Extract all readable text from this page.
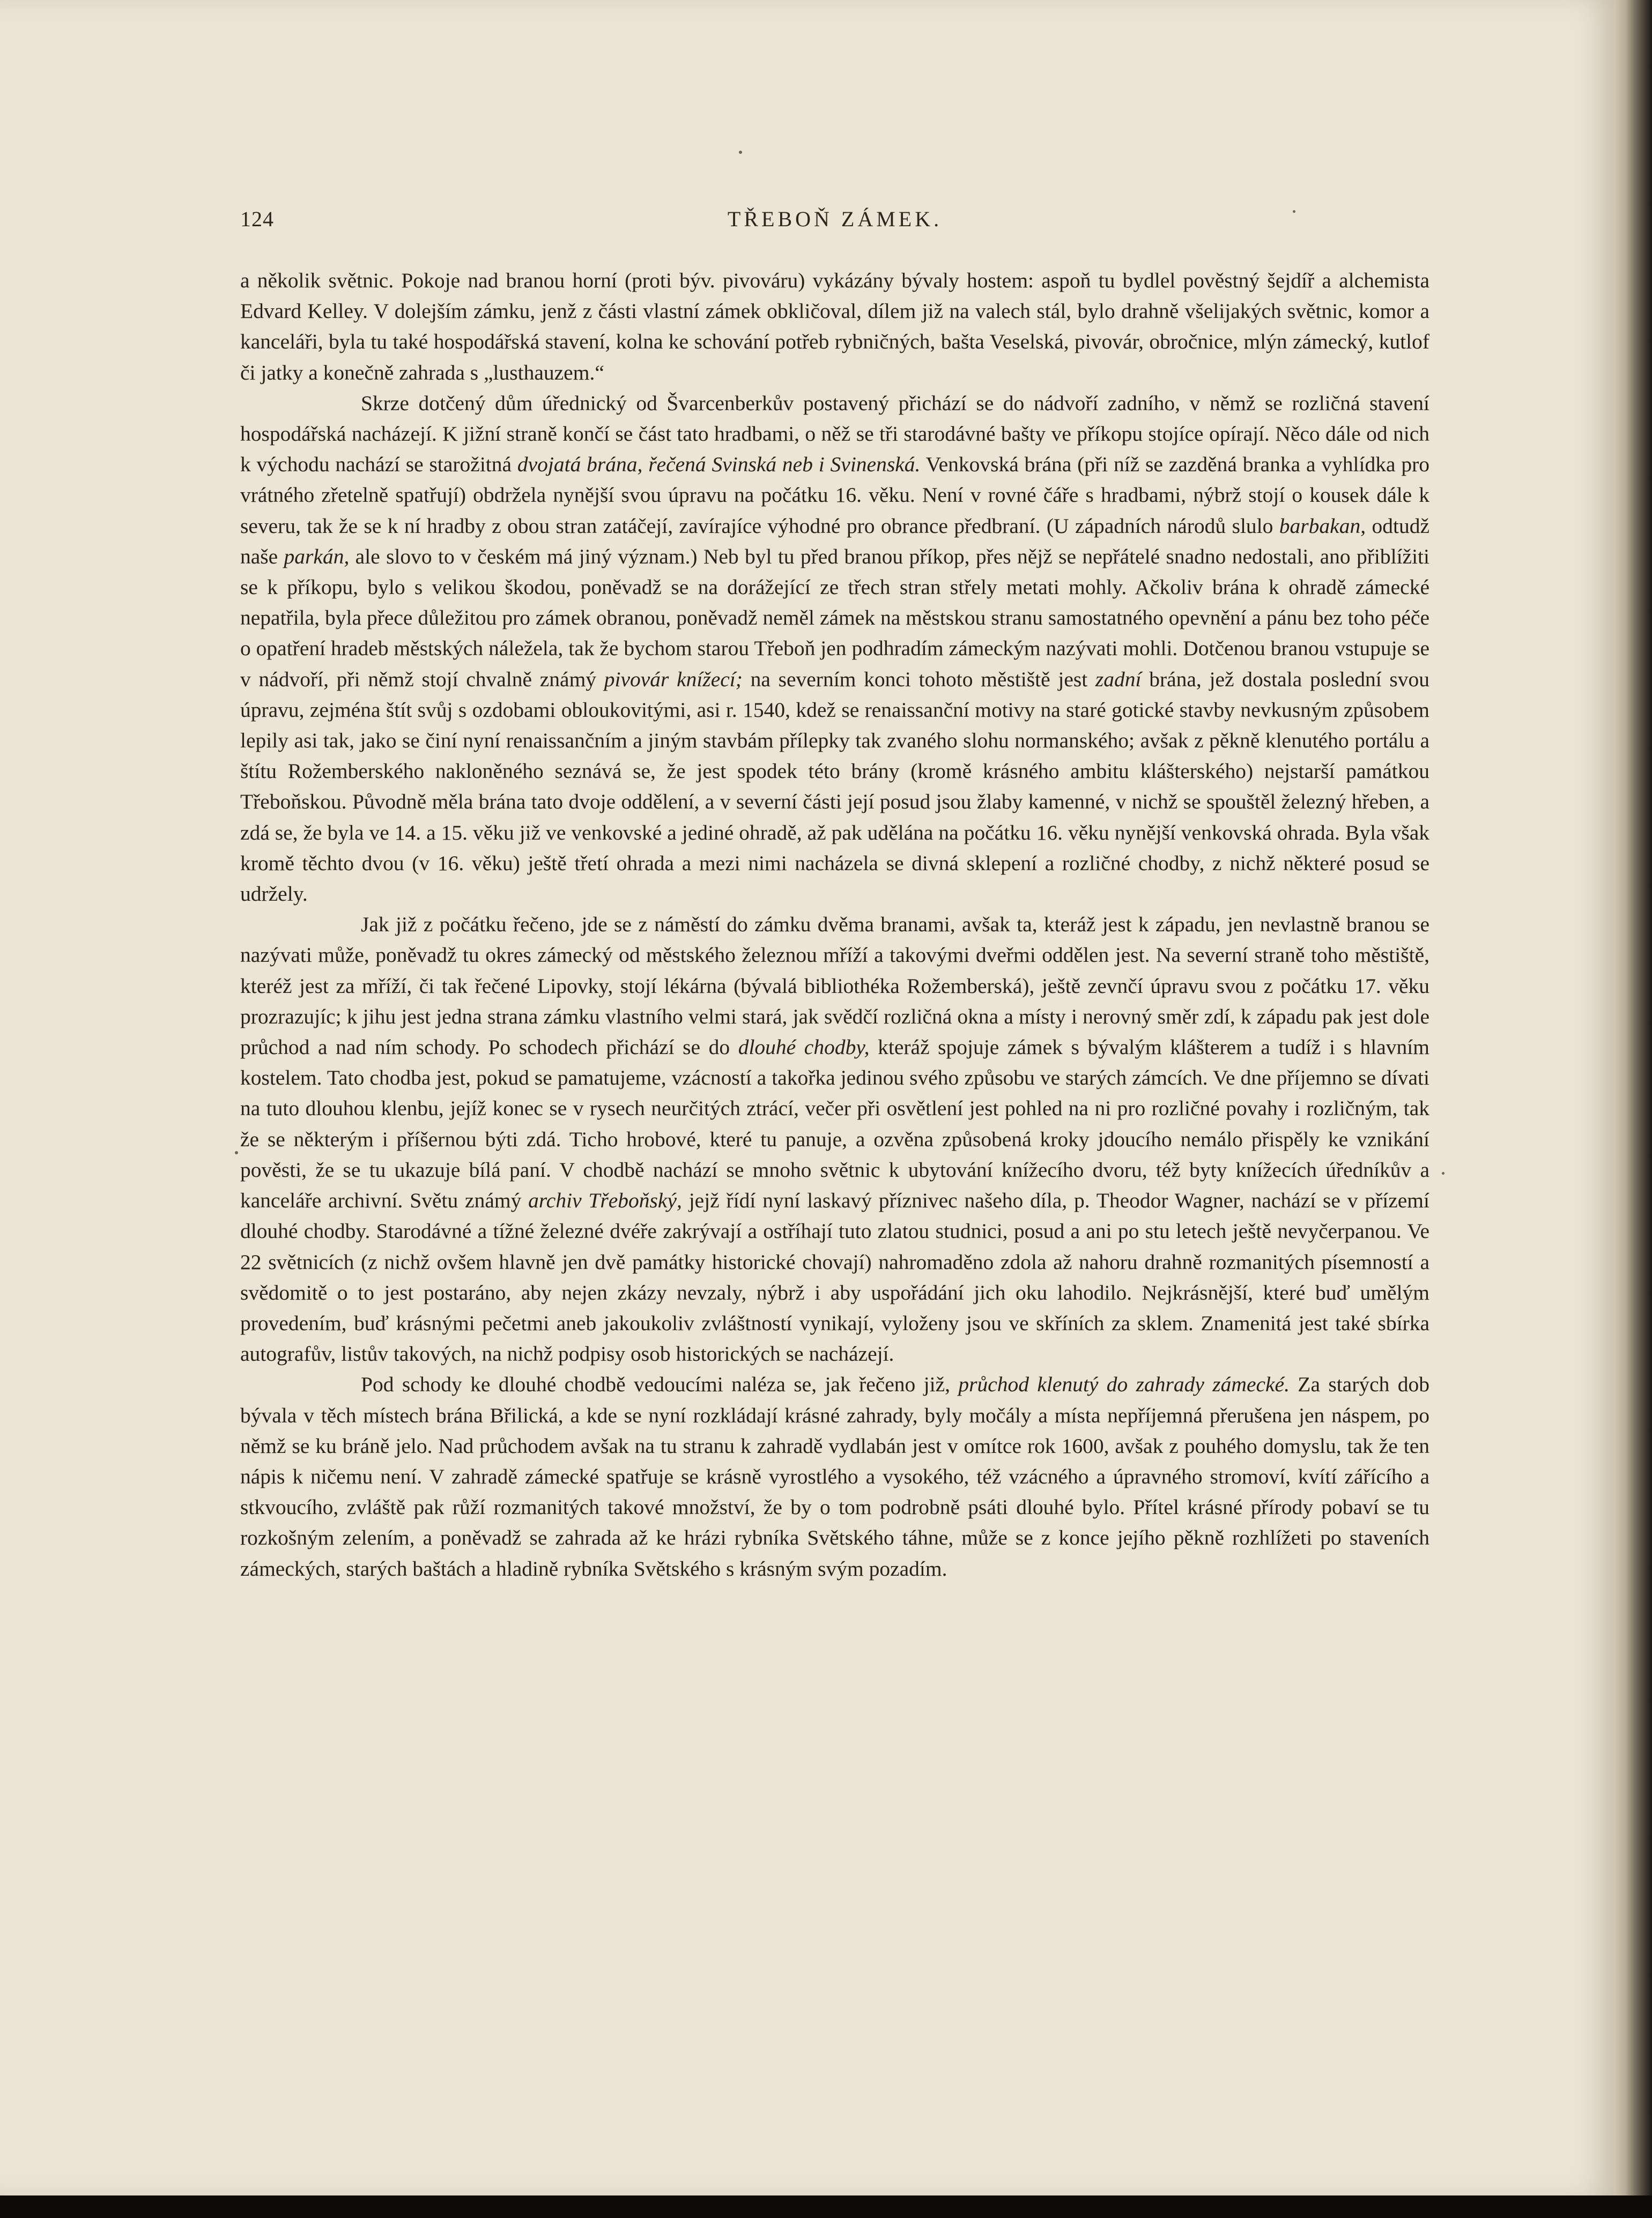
124	TŘEBOŇ ZÁMEK.

a několik světnic. Pokoje nad branou horní (proti býv. pivováru) vykázány bývaly hostem: aspoň tu bydlel pověstný šejdíř a alchemista Edvard Kelley. V dolejším zámku, jenž z části vlastní zámek obkličoval, dílem již na valech stál, bylo drahně všelijakých světnic, komor a kanceláři, byla tu také hospodářská stavení, kolna ke schování potřeb rybničných, bašta Veselská, pivovár, obročnice, mlýn zámecký, kutlof či jatky a konečně zahrada s „lusthauzem.“

Skrze dotčený dům úřednický od Švarcenberkův postavený přichází se do nádvoří zadního, v němž se rozličná stavení hospodářská nacházejí. K jižní straně končí se část tato hradbami, o něž se tři starodávné bašty ve příkopu stojíce opírají. Něco dále od nich k východu nachází se starožitná dvojatá brána, řečená Svinská neb i Svinenská. Venkovská brána (při níž se zazděná branka a vyhlídka pro vrátného zřetelně spatřují) obdržela nynější svou úpravu na počátku 16. věku. Není v rovné čáře s hradbami, nýbrž stojí o kousek dále k severu, tak že se k ní hradby z obou stran zatáčejí, zavírajíce výhodné pro obrance předbraní. (U západních národů slulo barbakan, odtudž naše parkán, ale slovo to v českém má jiný význam.) Neb byl tu před branou příkop, přes nějž se nepřátelé snadno nedostali, ano přiblížiti se k příkopu, bylo s velikou škodou, poněvadž se na dorážející ze třech stran střely metati mohly. Ačkoliv brána k ohradě zámecké nepatřila, byla přece důležitou pro zámek obranou, poněvadž neměl zámek na městskou stranu samostatného opevnění a pánu bez toho péče o opatření hradeb městských náležela, tak že bychom starou Třeboň jen podhradím zámeckým nazývati mohli. Dotčenou branou vstupuje se v nádvoří, při němž stojí chvalně známý pivovár knížecí; na severním konci tohoto městiště jest zadní brána, jež dostala poslední svou úpravu, zejména štít svůj s ozdobami obloukovitými, asi r. 1540, kdež se renaissanční motivy na staré gotické stavby nevkusným způsobem lepily asi tak, jako se činí nyní renaissančním a jiným stavbám přílepky tak zvaného slohu normanského; avšak z pěkně klenutého portálu a štítu Rožemberského nakloněného seznává se, že jest spodek této brány (kromě krásného ambitu klášterského) nejstarší památkou Třeboňskou. Původně měla brána tato dvoje oddělení, a v severní části její posud jsou žlaby kamenné, v nichž se spouštěl železný hřeben, a zdá se, že byla ve 14. a 15. věku již ve venkovské a jediné ohradě, až pak udělána na počátku 16. věku nynější venkovská ohrada. Byla však kromě těchto dvou (v 16. věku) ještě třetí ohrada a mezi nimi nacházela se divná sklepení a rozličné chodby, z nichž některé posud se udržely.

Jak již z počátku řečeno, jde se z náměstí do zámku dvěma branami, avšak ta, kteráž jest k západu, jen nevlastně branou se nazývati může, poněvadž tu okres zámecký od městského železnou mříží a takovými dveřmi oddělen jest. Na severní straně toho městiště, kteréž jest za mříží, či tak řečené Lipovky, stojí lékárna (bývalá bibliothéka Rožemberská), ještě zevnčí úpravu svou z počátku 17. věku prozrazujíc; k jihu jest jedna strana zámku vlastního velmi stará, jak svědčí rozličná okna a místy i nerovný směr zdí, k západu pak jest dole průchod a nad ním schody. Po schodech přichází se do dlouhé chodby, kteráž spojuje zámek s bývalým klášterem a tudíž i s hlavním kostelem. Tato chodba jest, pokud se pamatujeme, vzácností a takořka jedinou svého způsobu ve starých zámcích. Ve dne příjemno se dívati na tuto dlouhou klenbu, jejíž konec se v rysech neurčitých ztrácí, večer při osvětlení jest pohled na ni pro rozličné povahy i rozličným, tak že se některým i příšernou býti zdá. Ticho hrobové, které tu panuje, a ozvěna způsobená kroky jdoucího nemálo přispěly ke vznikání pověsti, že se tu ukazuje bílá paní. V chodbě nachází se mnoho světnic k ubytování knížecího dvoru, též byty knížecích úředníkův a kanceláře archivní. Světu známý archiv Třeboňský, jejž řídí nyní laskavý příznivec našeho díla, p. Theodor Wagner, nachází se v přízemí dlouhé chodby. Starodávné a tížné železné dvéře zakrývají a ostříhají tuto zlatou studnici, posud a ani po stu letech ještě nevyčerpanou. Ve 22 světnicích (z nichž ovšem hlavně jen dvě památky historické chovají) nahromaděno zdola až nahoru drahně rozmanitých písemností a svědomitě o to jest postaráno, aby nejen zkázy nevzaly, nýbrž i aby uspořádání jich oku lahodilo. Nejkrásnější, které buď umělým provedením, buď krásnými pečetmi aneb jakoukoliv zvláštností vynikají, vyloženy jsou ve skříních za sklem. Znamenitá jest také sbírka autografův, listův takových, na nichž podpisy osob historických se nacházejí.

Pod schody ke dlouhé chodbě vedoucími naléza se, jak řečeno již, průchod klenutý do zahrady zámecké. Za starých dob bývala v těch místech brána Břilická, a kde se nyní rozkládají krásné zahrady, byly močály a místa nepříjemná přerušena jen náspem, po němž se ku bráně jelo. Nad průchodem avšak na tu stranu k zahradě vydlabán jest v omítce rok 1600, avšak z pouhého domyslu, tak že ten nápis k ničemu není. V zahradě zámecké spatřuje se krásně vyrostlého a vysokého, též vzácného a úpravného stromoví, kvítí zářícího a stkvoucího, zvláště pak růží rozmanitých takové množství, že by o tom podrobně psáti dlouhé bylo. Přítel krásné přírody pobaví se tu rozkošným zelením, a poněvadž se zahrada až ke hrázi rybníka Světského táhne, může se z konce jejího pěkně rozhlížeti po staveních zámeckých, starých baštách a hladině rybníka Světského s krásným svým pozadím.
